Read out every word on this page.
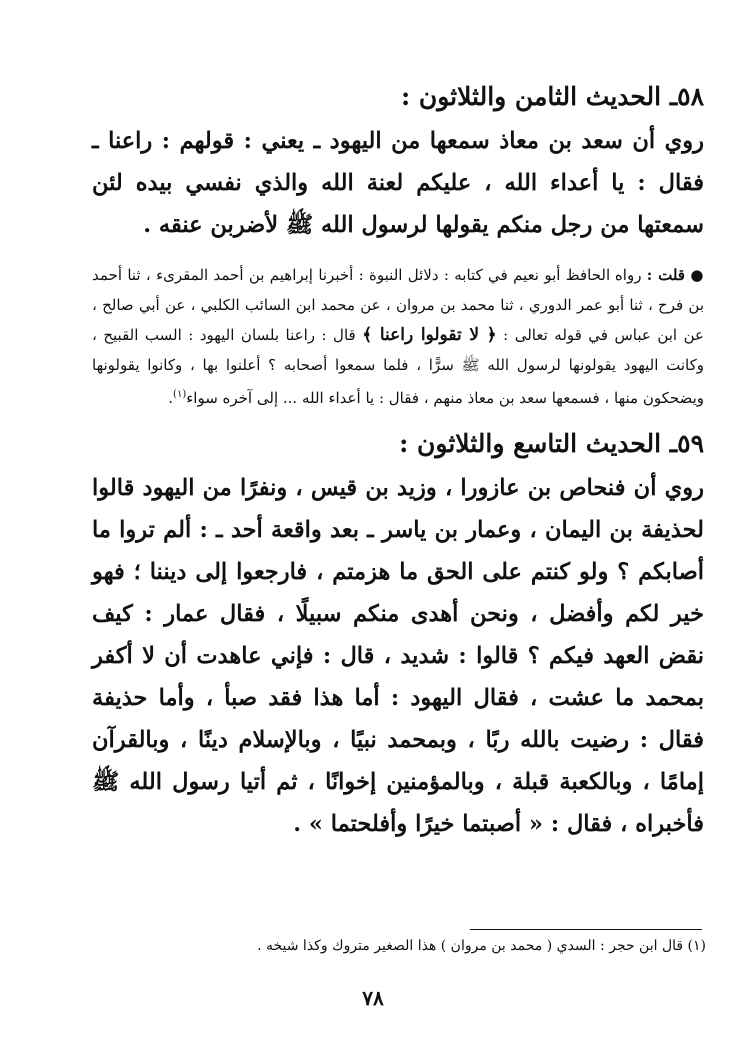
٥٨ـ الحديث الثامن والثلاثون :

روي أن سعد بن معاذ سمعها من اليهود ـ يعني : قولهم : راعنا ـ فقال : يا أعداء الله ، عليكم لعنة الله والذي نفسي بيده لئن سمعتها من رجل منكم يقولها لرسول الله ﷺ لأضربن عنقه .

● قلت : رواه الحافظ أبو نعيم في كتابه : دلائل النبوة : أخبرنا إبراهيم بن أحمد المقرىء ، ثنا أحمد بن فرح ، ثنا أبو عمر الدوري ، ثنا محمد بن مروان ، عن محمد ابن السائب الكلبي ، عن أبي صالح ، عن ابن عباس في قوله تعالى : ﴿ لا تقولوا راعنا ﴾ قال : راعنا بلسان اليهود : السب القبيح ، وكانت اليهود يقولونها لرسول الله ﷺ سرًّا ، فلما سمعوا أصحابه ؟ أعلنوا بها ، وكانوا يقولونها ويضحكون منها ، فسمعها سعد بن معاذ منهم ، فقال : يا أعداء الله ... إلى آخره سواء$^{(١)}$.

٥٩ـ الحديث التاسع والثلاثون :

روي أن فنحاص بن عازورا ، وزيد بن قيس ، ونفرًا من اليهود قالوا لحذيفة بن اليمان ، وعمار بن ياسر ـ بعد واقعة أحد ـ : ألم تروا ما أصابكم ؟ ولو كنتم على الحق ما هزمتم ، فارجعوا إلى ديننا ؛ فهو خير لكم وأفضل ، ونحن أهدى منكم سبيلًا ، فقال عمار : كيف نقض العهد فيكم ؟ قالوا : شديد ، قال : فإني عاهدت أن لا أكفر بمحمد ما عشت ، فقال اليهود : أما هذا فقد صبأ ، وأما حذيفة فقال : رضيت بالله ربًا ، وبمحمد نبيًا ، وبالإسلام دينًا ، وبالقرآن إمامًا ، وبالكعبة قبلة ، وبالمؤمنين إخوانًا ، ثم أتيا رسول الله ﷺ فأخبراه ، فقال : « أصبتما خيرًا وأفلحتما » .

(١) قال ابن حجر : السدي ( محمد بن مروان ) هذا الصغير متروك وكذا شيخه .
٧٨
